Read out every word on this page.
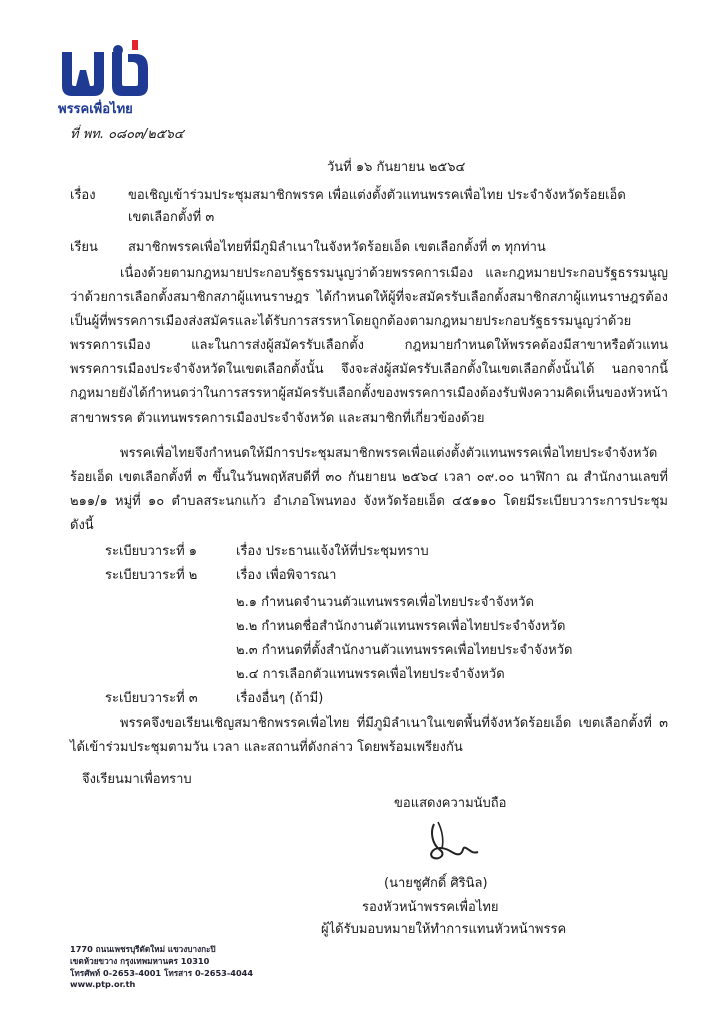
พรรคเพื่อไทย
ที่ พท. ๐๘๐๓/๒๕๖๔
วันที่ ๑๖ กันยายน ๒๕๖๔
เรื่อง ขอเชิญเข้าร่วมประชุมสมาชิกพรรค เพื่อแต่งตั้งตัวแทนพรรคเพื่อไทย ประจำจังหวัดร้อยเอ็ด
เขตเลือกตั้งที่ ๓
เรียน สมาชิกพรรคเพื่อไทยที่มีภูมิลำเนาในจังหวัดร้อยเอ็ด เขตเลือกตั้งที่ ๓ ทุกท่าน
เนื่องด้วยตามกฎหมายประกอบรัฐธรรมนูญว่าด้วยพรรคการเมือง และกฎหมายประกอบรัฐธรรมนูญว่าด้วยการเลือกตั้งสมาชิกสภาผู้แทนราษฎร ได้กำหนดให้ผู้ที่จะสมัครรับเลือกตั้งสมาชิกสภาผู้แทนราษฎรต้องเป็นผู้ที่พรรคการเมืองส่งสมัครและได้รับการสรรหาโดยถูกต้องตามกฎหมายประกอบรัฐธรรมนูญว่าด้วยพรรคการเมือง และในการส่งผู้สมัครรับเลือกตั้ง กฎหมายกำหนดให้พรรคต้องมีสาขาหรือตัวแทนพรรคการเมืองประจำจังหวัดในเขตเลือกตั้งนั้น จึงจะส่งผู้สมัครรับเลือกตั้งในเขตเลือกตั้งนั้นได้ นอกจากนี้กฎหมายยังได้กำหนดว่าในการสรรหาผู้สมัครรับเลือกตั้งของพรรคการเมืองต้องรับฟังความคิดเห็นของหัวหน้าสาขาพรรค ตัวแทนพรรคการเมืองประจำจังหวัด และสมาชิกที่เกี่ยวข้องด้วย
พรรคเพื่อไทยจึงกำหนดให้มีการประชุมสมาชิกพรรคเพื่อแต่งตั้งตัวแทนพรรคเพื่อไทยประจำจังหวัดร้อยเอ็ด เขตเลือกตั้งที่ ๓ ขึ้นในวันพฤหัสบดีที่ ๓๐ กันยายน ๒๕๖๔ เวลา ๐๙.๐๐ นาฬิกา ณ สำนักงานเลขที่ ๒๑๑/๑ หมู่ที่ ๑๐ ตำบลสระนกแก้ว อำเภอโพนทอง จังหวัดร้อยเอ็ด ๔๕๑๑๐ โดยมีระเบียบวาระการประชุม ดังนี้
ระเบียบวาระที่ ๑	เรื่อง ประธานแจ้งให้ที่ประชุมทราบ
ระเบียบวาระที่ ๒	เรื่อง เพื่อพิจารณา
๒.๑ กำหนดจำนวนตัวแทนพรรคเพื่อไทยประจำจังหวัด
๒.๒ กำหนดชื่อสำนักงานตัวแทนพรรคเพื่อไทยประจำจังหวัด
๒.๓ กำหนดที่ตั้งสำนักงานตัวแทนพรรคเพื่อไทยประจำจังหวัด
๒.๔ การเลือกตัวแทนพรรคเพื่อไทยประจำจังหวัด
ระเบียบวาระที่ ๓	เรื่องอื่นๆ (ถ้ามี)
พรรคจึงขอเรียนเชิญสมาชิกพรรคเพื่อไทย ที่มีภูมิลำเนาในเขตพื้นที่จังหวัดร้อยเอ็ด เขตเลือกตั้งที่ ๓ ได้เข้าร่วมประชุมตามวัน เวลา และสถานที่ดังกล่าว โดยพร้อมเพรียงกัน
จึงเรียนมาเพื่อทราบ
ขอแสดงความนับถือ
(นายชูศักดิ์ ศิรินิล)
รองหัวหน้าพรรคเพื่อไทย
ผู้ได้รับมอบหมายให้ทำการแทนหัวหน้าพรรค
1770 ถนนเพชรบุรีตัดใหม่ แขวงบางกะปิ
เขตห้วยขวาง กรุงเทพมหานคร 10310
โทรศัพท์ 0-2653-4001 โทรสาร 0-2653-4044
www.ptp.or.th
